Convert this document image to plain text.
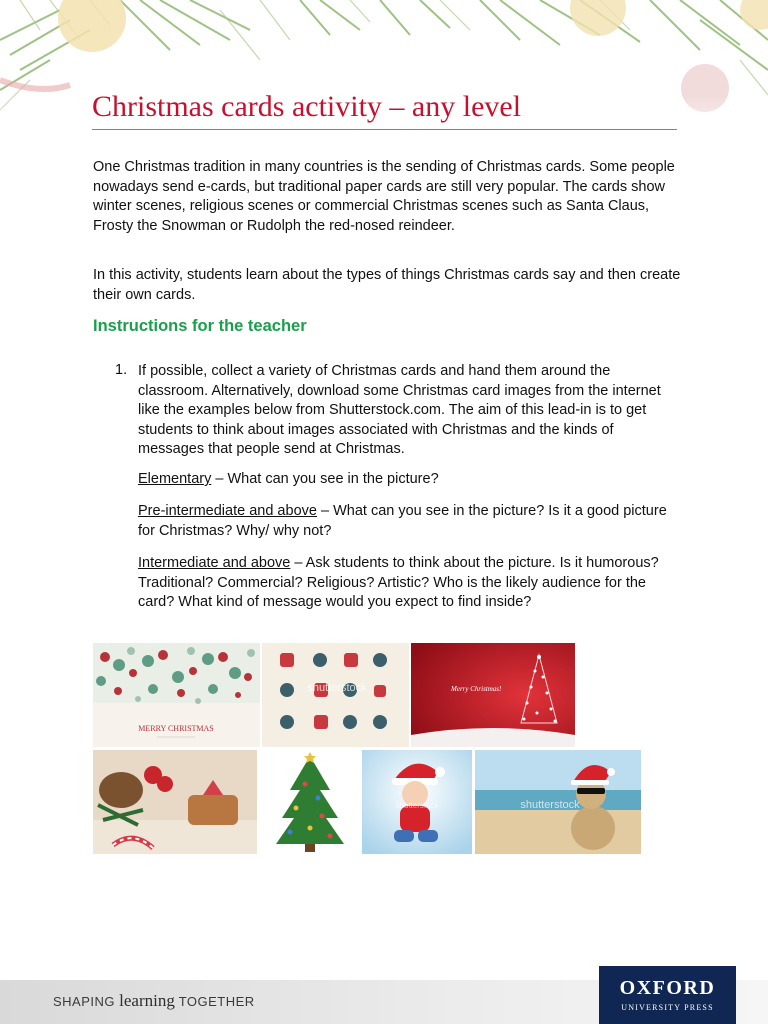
Christmas cards activity – any level

One Christmas tradition in many countries is the sending of Christmas cards. Some people nowadays send e-cards, but traditional paper cards are still very popular. The cards show winter scenes, religious scenes or commercial Christmas scenes such as Santa Claus, Frosty the Snowman or Rudolph the red-nosed reindeer.

In this activity, students learn about the types of things Christmas cards say and then create their own cards.

Instructions for the teacher
1. If possible, collect a variety of Christmas cards and hand them around the classroom. Alternatively, download some Christmas card images from the internet like the examples below from Shutterstock.com. The aim of this lead-in is to get students to think about images associated with Christmas and the kinds of messages that people send at Christmas.
Elementary – What can you see in the picture?
Pre-intermediate and above – What can you see in the picture? Is it a good picture for Christmas? Why/ why not?
Intermediate and above – Ask students to think about the picture. Is it humorous? Traditional? Commercial? Religious? Artistic? Who is the likely audience for the card? What kind of message would you expect to find inside?
MERRY CHRISTMAS
shutterstock	Merry Christmas!
shutterstock	shutterstock
SHAPING learning TOGETHER
OXFORD
UNIVERSITY PRESS
